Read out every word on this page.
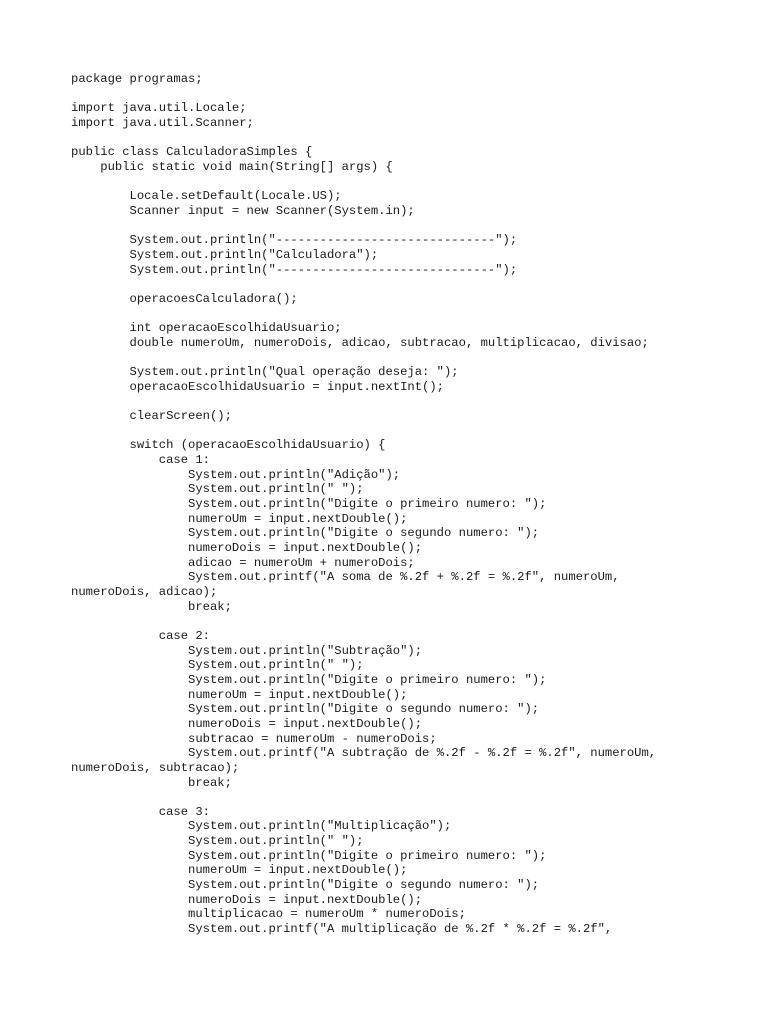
package programas;
import java.util.Locale;
import java.util.Scanner;
public class CalculadoraSimples {
public static void main(String[] args) {
Locale.setDefault(Locale.US);
Scanner input = new Scanner(System.in);
System.out.println("------------------------------");
System.out.println("Calculadora");
System.out.println("------------------------------");
operacoesCalculadora();
int operacaoEscolhidaUsuario;
double numeroUm, numeroDois, adicao, subtracao, multiplicacao, divisao;
System.out.println("Qual operação deseja: ");
operacaoEscolhidaUsuario = input.nextInt();
clearScreen();
switch (operacaoEscolhidaUsuario) {
case 1:
System.out.println("Adição");
System.out.println(" ");
System.out.println("Digite o primeiro numero: ");
numeroUm = input.nextDouble();
System.out.println("Digite o segundo numero: ");
numeroDois = input.nextDouble();
adicao = numeroUm + numeroDois;
System.out.printf("A soma de %.2f + %.2f = %.2f", numeroUm,
numeroDois, adicao);
break;
case 2:
System.out.println("Subtração");
System.out.println(" ");
System.out.println("Digite o primeiro numero: ");
numeroUm = input.nextDouble();
System.out.println("Digite o segundo numero: ");
numeroDois = input.nextDouble();
subtracao = numeroUm - numeroDois;
System.out.printf("A subtração de %.2f - %.2f = %.2f", numeroUm,
numeroDois, subtracao);
break;
case 3:
System.out.println("Multiplicação");
System.out.println(" ");
System.out.println("Digite o primeiro numero: ");
numeroUm = input.nextDouble();
System.out.println("Digite o segundo numero: ");
numeroDois = input.nextDouble();
multiplicacao = numeroUm * numeroDois;
System.out.printf("A multiplicação de %.2f * %.2f = %.2f",
